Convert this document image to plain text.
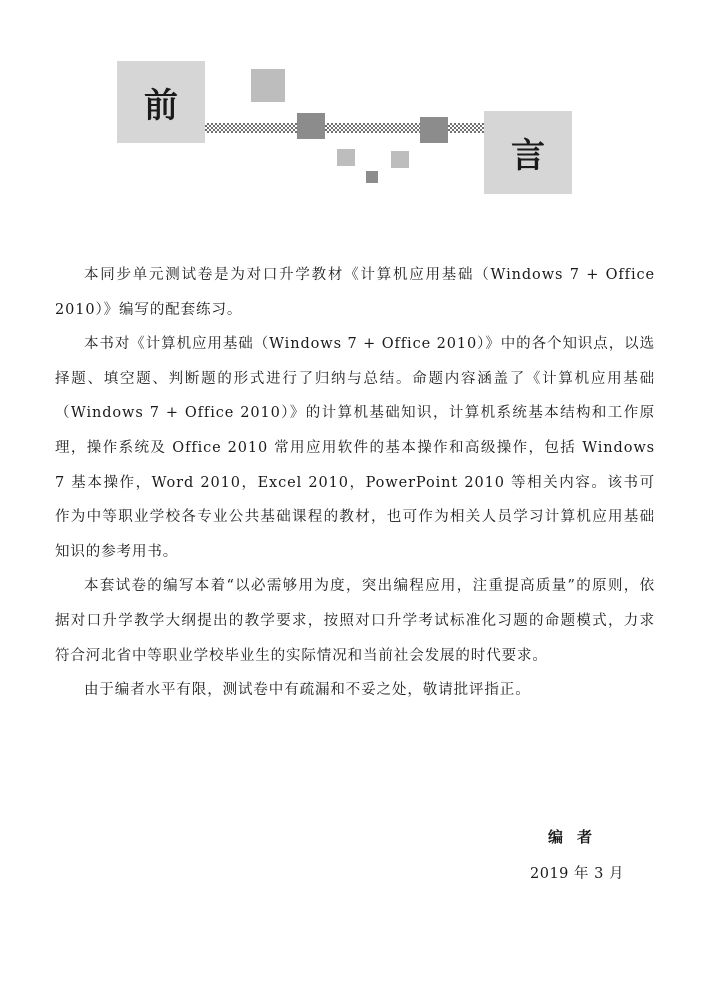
前
言

本同步单元测试卷是为对口升学教材《计算机应用基础（Windows 7 + Office 2010）》编写的配套练习。

本书对《计算机应用基础（Windows 7 + Office 2010）》中的各个知识点，以选择题、填空题、判断题的形式进行了归纳与总结。命题内容涵盖了《计算机应用基础（Windows 7 + Office 2010）》的计算机基础知识，计算机系统基本结构和工作原理，操作系统及 Office 2010 常用应用软件的基本操作和高级操作，包括 Windows 7 基本操作，Word 2010，Excel 2010，PowerPoint 2010 等相关内容。该书可作为中等职业学校各专业公共基础课程的教材，也可作为相关人员学习计算机应用基础知识的参考用书。

本套试卷的编写本着“以必需够用为度，突出编程应用，注重提高质量”的原则，依据对口升学教学大纲提出的教学要求，按照对口升学考试标准化习题的命题模式，力求符合河北省中等职业学校毕业生的实际情况和当前社会发展的时代要求。

由于编者水平有限，测试卷中有疏漏和不妥之处，敬请批评指正。

编者
2019 年 3 月
